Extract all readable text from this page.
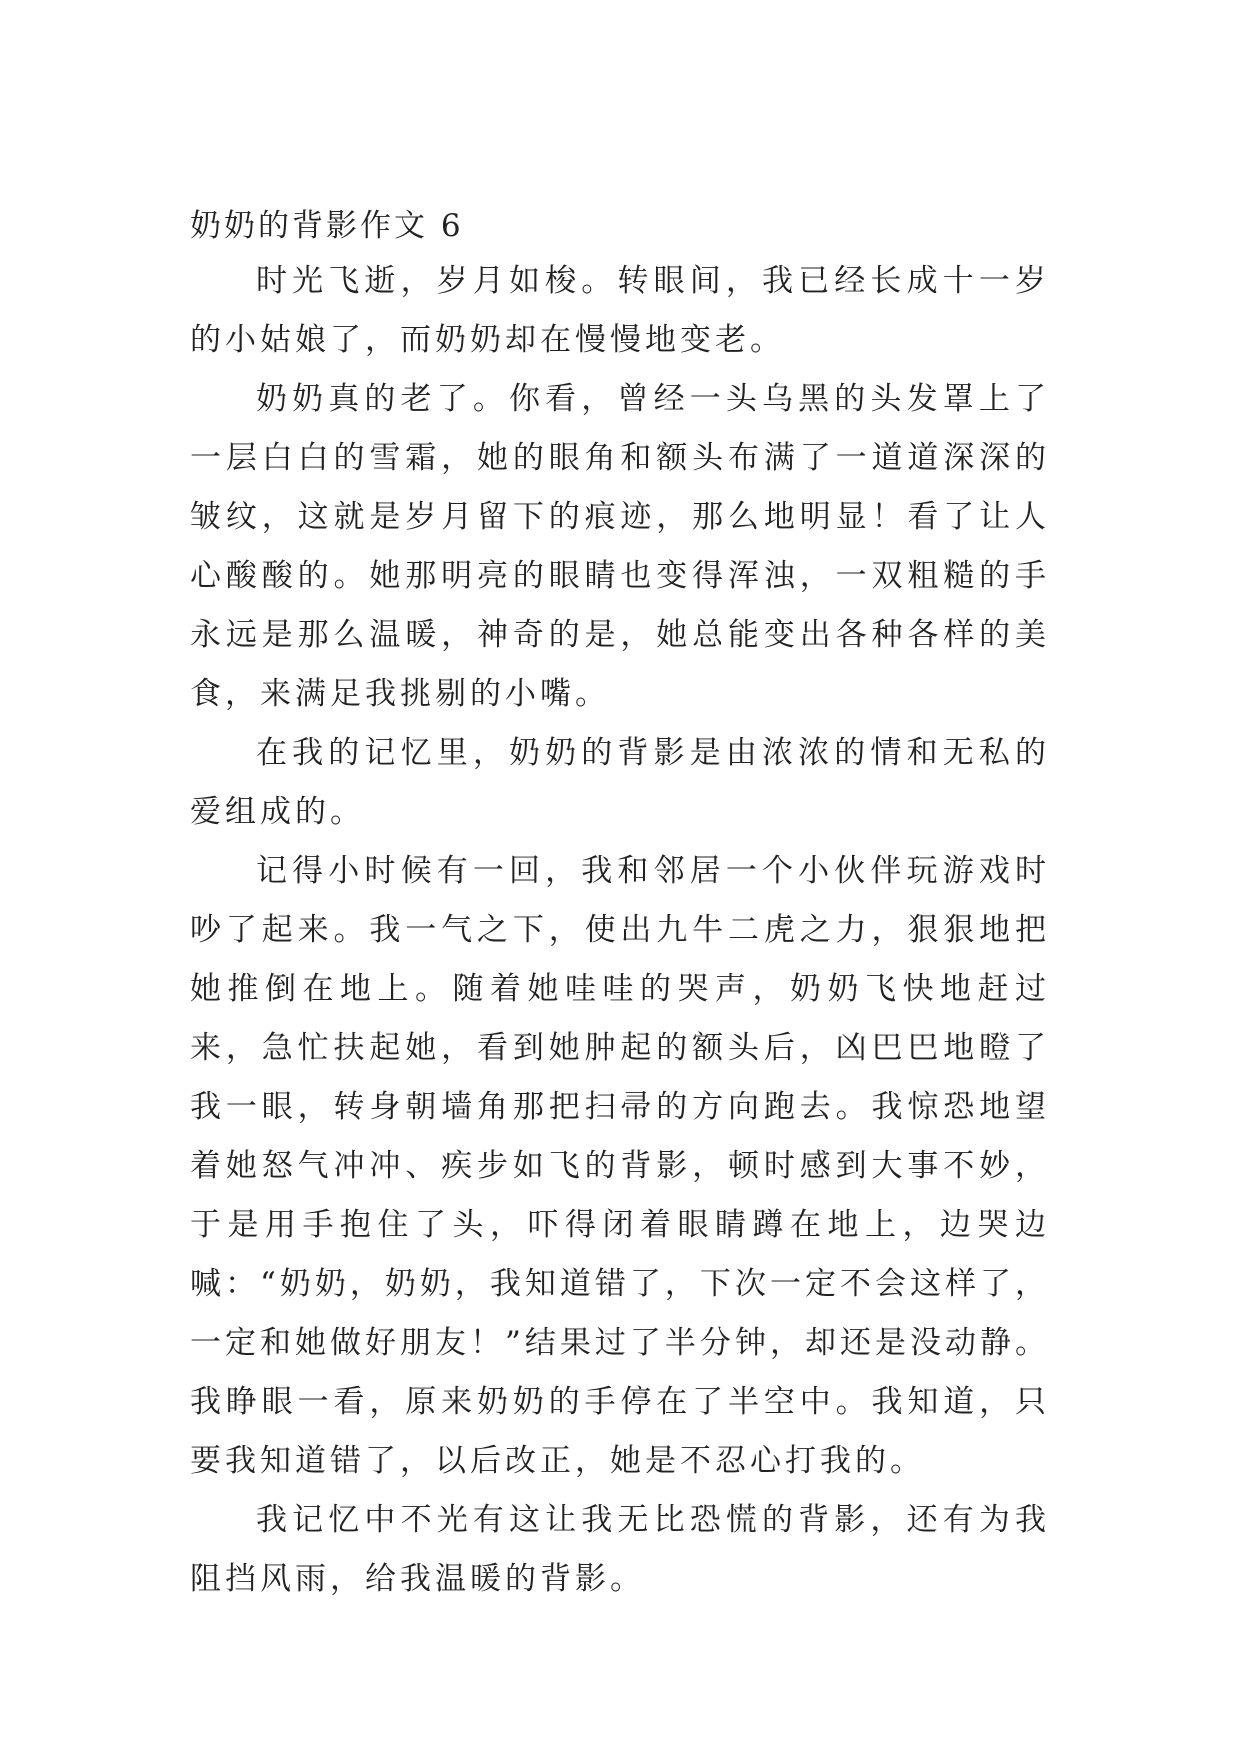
奶奶的背影作文 6

时光飞逝，岁月如梭。转眼间，我已经长成十一岁的小姑娘了，而奶奶却在慢慢地变老。

奶奶真的老了。你看，曾经一头乌黑的头发罩上了一层白白的雪霜，她的眼角和额头布满了一道道深深的皱纹，这就是岁月留下的痕迹，那么地明显！看了让人心酸酸的。她那明亮的眼睛也变得浑浊，一双粗糙的手永远是那么温暖，神奇的是，她总能变出各种各样的美食，来满足我挑剔的小嘴。

在我的记忆里，奶奶的背影是由浓浓的情和无私的爱组成的。

记得小时候有一回，我和邻居一个小伙伴玩游戏时吵了起来。我一气之下，使出九牛二虎之力，狠狠地把她推倒在地上。随着她哇哇的哭声，奶奶飞快地赶过来，急忙扶起她，看到她肿起的额头后，凶巴巴地瞪了我一眼，转身朝墙角那把扫帚的方向跑去。我惊恐地望着她怒气冲冲、疾步如飞的背影，顿时感到大事不妙，于是用手抱住了头，吓得闭着眼睛蹲在地上，边哭边喊：“奶奶，奶奶，我知道错了，下次一定不会这样了，一定和她做好朋友！”结果过了半分钟，却还是没动静。我睁眼一看，原来奶奶的手停在了半空中。我知道，只要我知道错了，以后改正，她是不忍心打我的。

我记忆中不光有这让我无比恐慌的背影，还有为我阻挡风雨，给我温暖的背影。
